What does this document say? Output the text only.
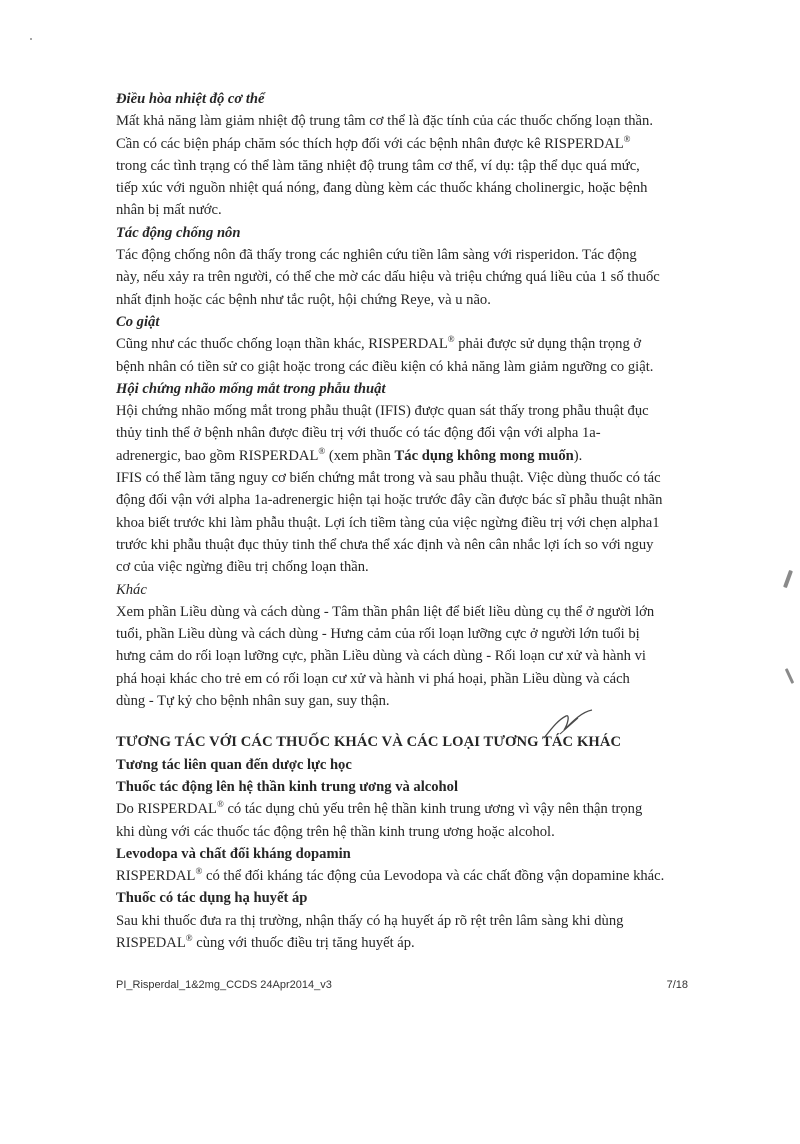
Điều hòa nhiệt độ cơ thể

Mất khả năng làm giảm nhiệt độ trung tâm cơ thể là đặc tính của các thuốc chống loạn thần.

Cần có các biện pháp chăm sóc thích hợp đối với các bệnh nhân được kê RISPERDAL®

trong các tình trạng có thể làm tăng nhiệt độ trung tâm cơ thể, ví dụ: tập thể dục quá mức,

tiếp xúc với nguồn nhiệt quá nóng, đang dùng kèm các thuốc kháng cholinergic, hoặc bệnh

nhân bị mất nước.

Tác động chống nôn

Tác động chống nôn đã thấy trong các nghiên cứu tiền lâm sàng với risperidon. Tác động

này, nếu xảy ra trên người, có thể che mờ các dấu hiệu và triệu chứng quá liều của 1 số thuốc

nhất định hoặc các bệnh như tắc ruột, hội chứng Reye, và u não.

Co giật

Cũng như các thuốc chống loạn thần khác, RISPERDAL® phải được sử dụng thận trọng ở

bệnh nhân có tiền sử co giật hoặc trong các điều kiện có khả năng làm giảm ngưỡng co giật.

Hội chứng nhão mống mắt trong phẫu thuật

Hội chứng nhão mống mắt trong phẫu thuật (IFIS) được quan sát thấy trong phẫu thuật đục

thủy tinh thể ở bệnh nhân được điều trị với thuốc có tác động đối vận với alpha 1a-

adrenergic, bao gồm RISPERDAL® (xem phần Tác dụng không mong muốn).

IFIS có thể làm tăng nguy cơ biến chứng mắt trong và sau phẫu thuật. Việc dùng thuốc có tác

động đối vận với alpha 1a-adrenergic hiện tại hoặc trước đây cần được bác sĩ phẫu thuật nhãn

khoa biết trước khi làm phẫu thuật. Lợi ích tiềm tàng của việc ngừng điều trị với chẹn alpha1

trước khi phẫu thuật đục thủy tinh thể chưa thể xác định và nên cân nhắc lợi ích so với nguy

cơ của việc ngừng điều trị chống loạn thần.

Khác

Xem phần Liều dùng và cách dùng - Tâm thần phân liệt để biết liều dùng cụ thể ở người lớn

tuổi, phần Liều dùng và cách dùng - Hưng cảm của rối loạn lưỡng cực ở người lớn tuổi bị

hưng cảm do rối loạn lưỡng cực, phần Liều dùng và cách dùng - Rối loạn cư xử và hành vi

phá hoại khác cho trẻ em có rối loạn cư xử và hành vi phá hoại, phần Liều dùng và cách

dùng - Tự kỷ cho bệnh nhân suy gan, suy thận.

TƯƠNG TÁC VỚI CÁC THUỐC KHÁC VÀ CÁC LOẠI TƯƠNG TÁC KHÁC

Tương tác liên quan đến dược lực học

Thuốc tác động lên hệ thần kinh trung ương và alcohol

Do RISPERDAL® có tác dụng chủ yếu trên hệ thần kinh trung ương vì vậy nên thận trọng

khi dùng với các thuốc tác động trên hệ thần kinh trung ương hoặc alcohol.

Levodopa và chất đối kháng dopamin

RISPERDAL® có thể đối kháng tác động của Levodopa và các chất đồng vận dopamine khác.

Thuốc có tác dụng hạ huyết áp

Sau khi thuốc đưa ra thị trường, nhận thấy có hạ huyết áp rõ rệt trên lâm sàng khi dùng

RISPEDAL® cùng với thuốc điều trị tăng huyết áp.

PI_Risperdal_1&2mg_CCDS 24Apr2014_v3	7/18
